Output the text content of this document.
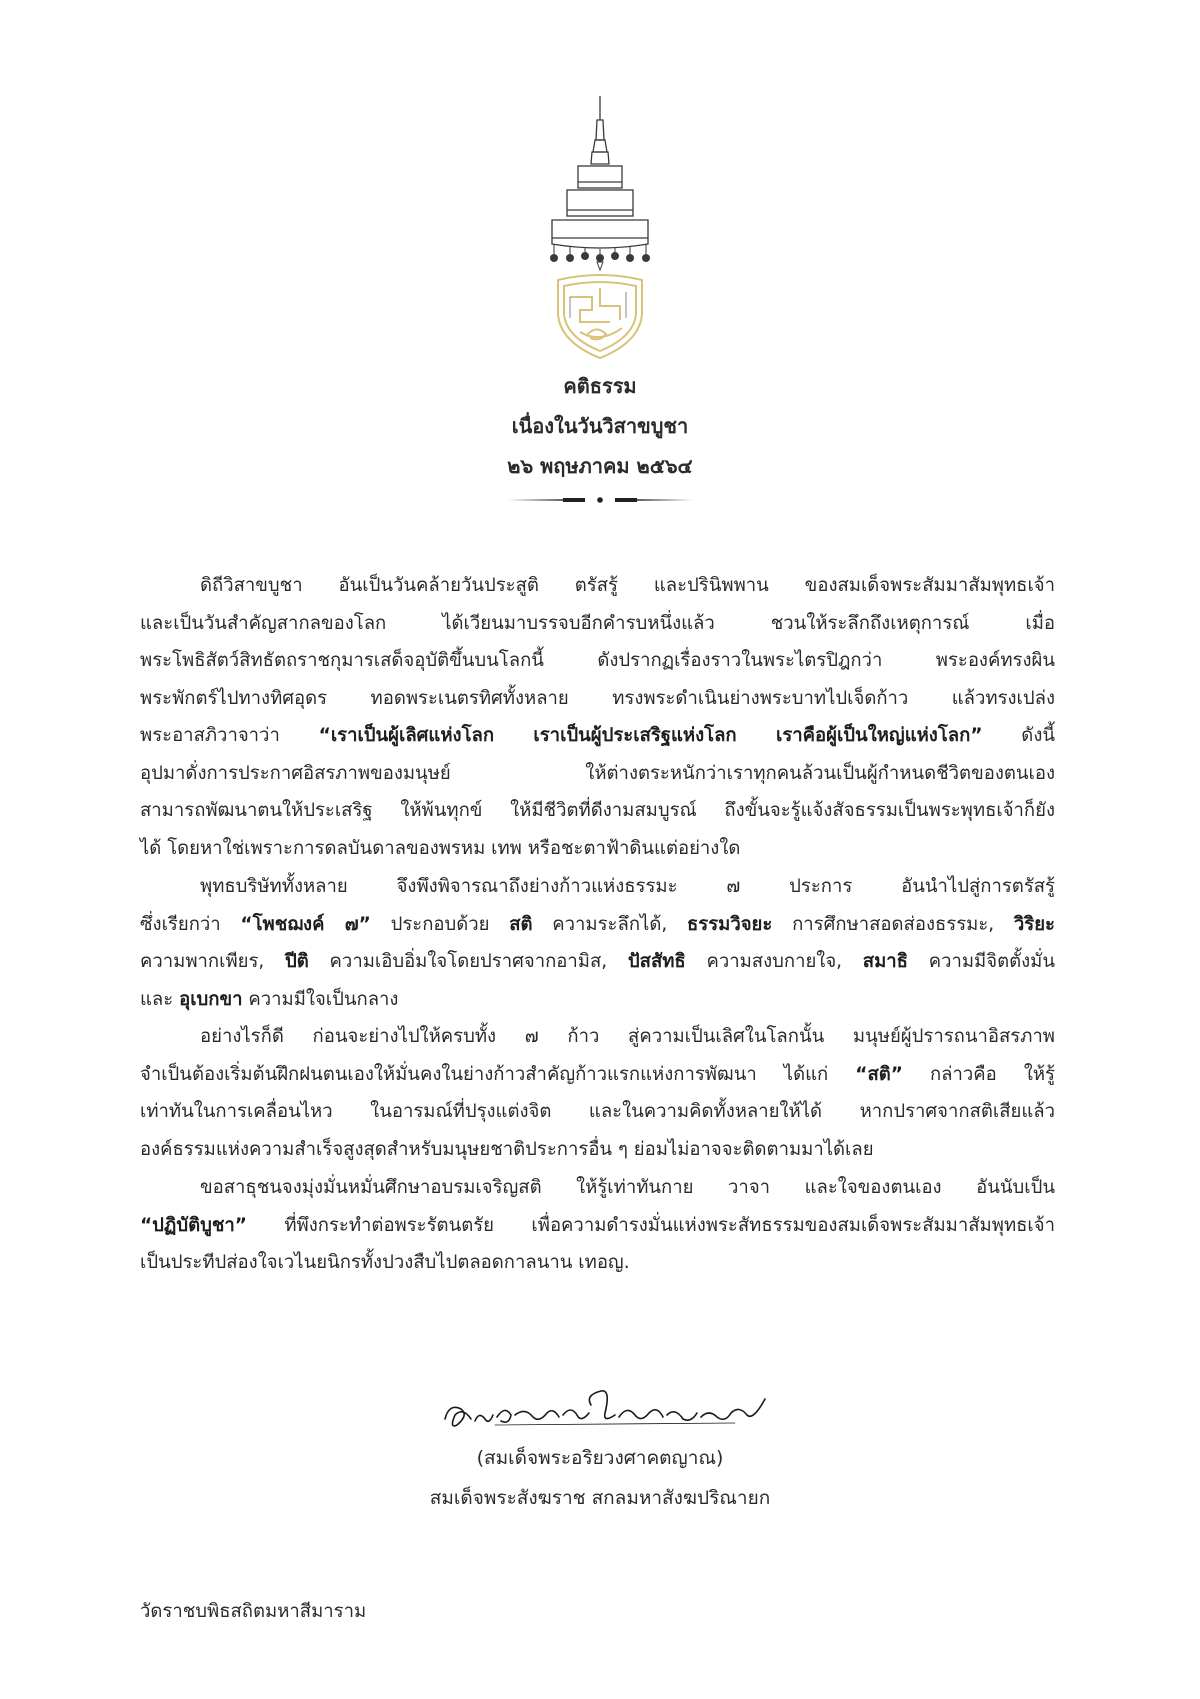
คติธรรม
เนื่องในวันวิสาขบูชา
๒๖ พฤษภาคม ๒๕๖๔
ดิถีวิสาขบูชา อันเป็นวันคล้ายวันประสูติ ตรัสรู้ และปรินิพพาน ของสมเด็จพระสัมมาสัมพุทธเจ้า
และเป็นวันสำคัญสากลของโลก ได้เวียนมาบรรจบอีกคำรบหนึ่งแล้ว ชวนให้ระลึกถึงเหตุการณ์ เมื่อ
พระโพธิสัตว์สิทธัตถราชกุมารเสด็จอุบัติขึ้นบนโลกนี้ ดังปรากฏเรื่องราวในพระไตรปิฎกว่า พระองค์ทรงผิน
พระพักตร์ไปทางทิศอุดร ทอดพระเนตรทิศทั้งหลาย ทรงพระดำเนินย่างพระบาทไปเจ็ดก้าว แล้วทรงเปล่ง
พระอาสภิวาจาว่า “เราเป็นผู้เลิศแห่งโลก เราเป็นผู้ประเสริฐแห่งโลก เราคือผู้เป็นใหญ่แห่งโลก” ดังนี้
อุปมาดั่งการประกาศอิสรภาพของมนุษย์ ให้ต่างตระหนักว่าเราทุกคนล้วนเป็นผู้กำหนดชีวิตของตนเอง
สามารถพัฒนาตนให้ประเสริฐ ให้พ้นทุกข์ ให้มีชีวิตที่ดีงามสมบูรณ์ ถึงขั้นจะรู้แจ้งสัจธรรมเป็นพระพุทธเจ้าก็ยัง
ได้ โดยหาใช่เพราะการดลบันดาลของพรหม เทพ หรือชะตาฟ้าดินแต่อย่างใด
พุทธบริษัททั้งหลาย จึงพึงพิจารณาถึงย่างก้าวแห่งธรรมะ ๗ ประการ อันนำไปสู่การตรัสรู้
ซึ่งเรียกว่า “โพชฌงค์ ๗” ประกอบด้วย สติ ความระลึกได้, ธรรมวิจยะ การศึกษาสอดส่องธรรมะ, วิริยะ
ความพากเพียร, ปีติ ความเอิบอิ่มใจโดยปราศจากอามิส, ปัสสัทธิ ความสงบกายใจ, สมาธิ ความมีจิตตั้งมั่น
และ อุเบกขา ความมีใจเป็นกลาง
อย่างไรก็ดี ก่อนจะย่างไปให้ครบทั้ง ๗ ก้าว สู่ความเป็นเลิศในโลกนั้น มนุษย์ผู้ปรารถนาอิสรภาพ
จำเป็นต้องเริ่มต้นฝึกฝนตนเองให้มั่นคงในย่างก้าวสำคัญก้าวแรกแห่งการพัฒนา ได้แก่ “สติ” กล่าวคือ ให้รู้
เท่าทันในการเคลื่อนไหว ในอารมณ์ที่ปรุงแต่งจิต และในความคิดทั้งหลายให้ได้ หากปราศจากสติเสียแล้ว
องค์ธรรมแห่งความสำเร็จสูงสุดสำหรับมนุษยชาติประการอื่น ๆ ย่อมไม่อาจจะติดตามมาได้เลย
ขอสาธุชนจงมุ่งมั่นหมั่นศึกษาอบรมเจริญสติ ให้รู้เท่าทันกาย วาจา และใจของตนเอง อันนับเป็น
“ปฏิบัติบูชา” ที่พึงกระทำต่อพระรัตนตรัย เพื่อความดำรงมั่นแห่งพระสัทธรรมของสมเด็จพระสัมมาสัมพุทธเจ้า
เป็นประทีปส่องใจเวไนยนิกรทั้งปวงสืบไปตลอดกาลนาน เทอญ.
(สมเด็จพระอริยวงศาคตญาณ)
สมเด็จพระสังฆราช สกลมหาสังฆปริณายก
วัดราชบพิธสถิตมหาสีมาราม
